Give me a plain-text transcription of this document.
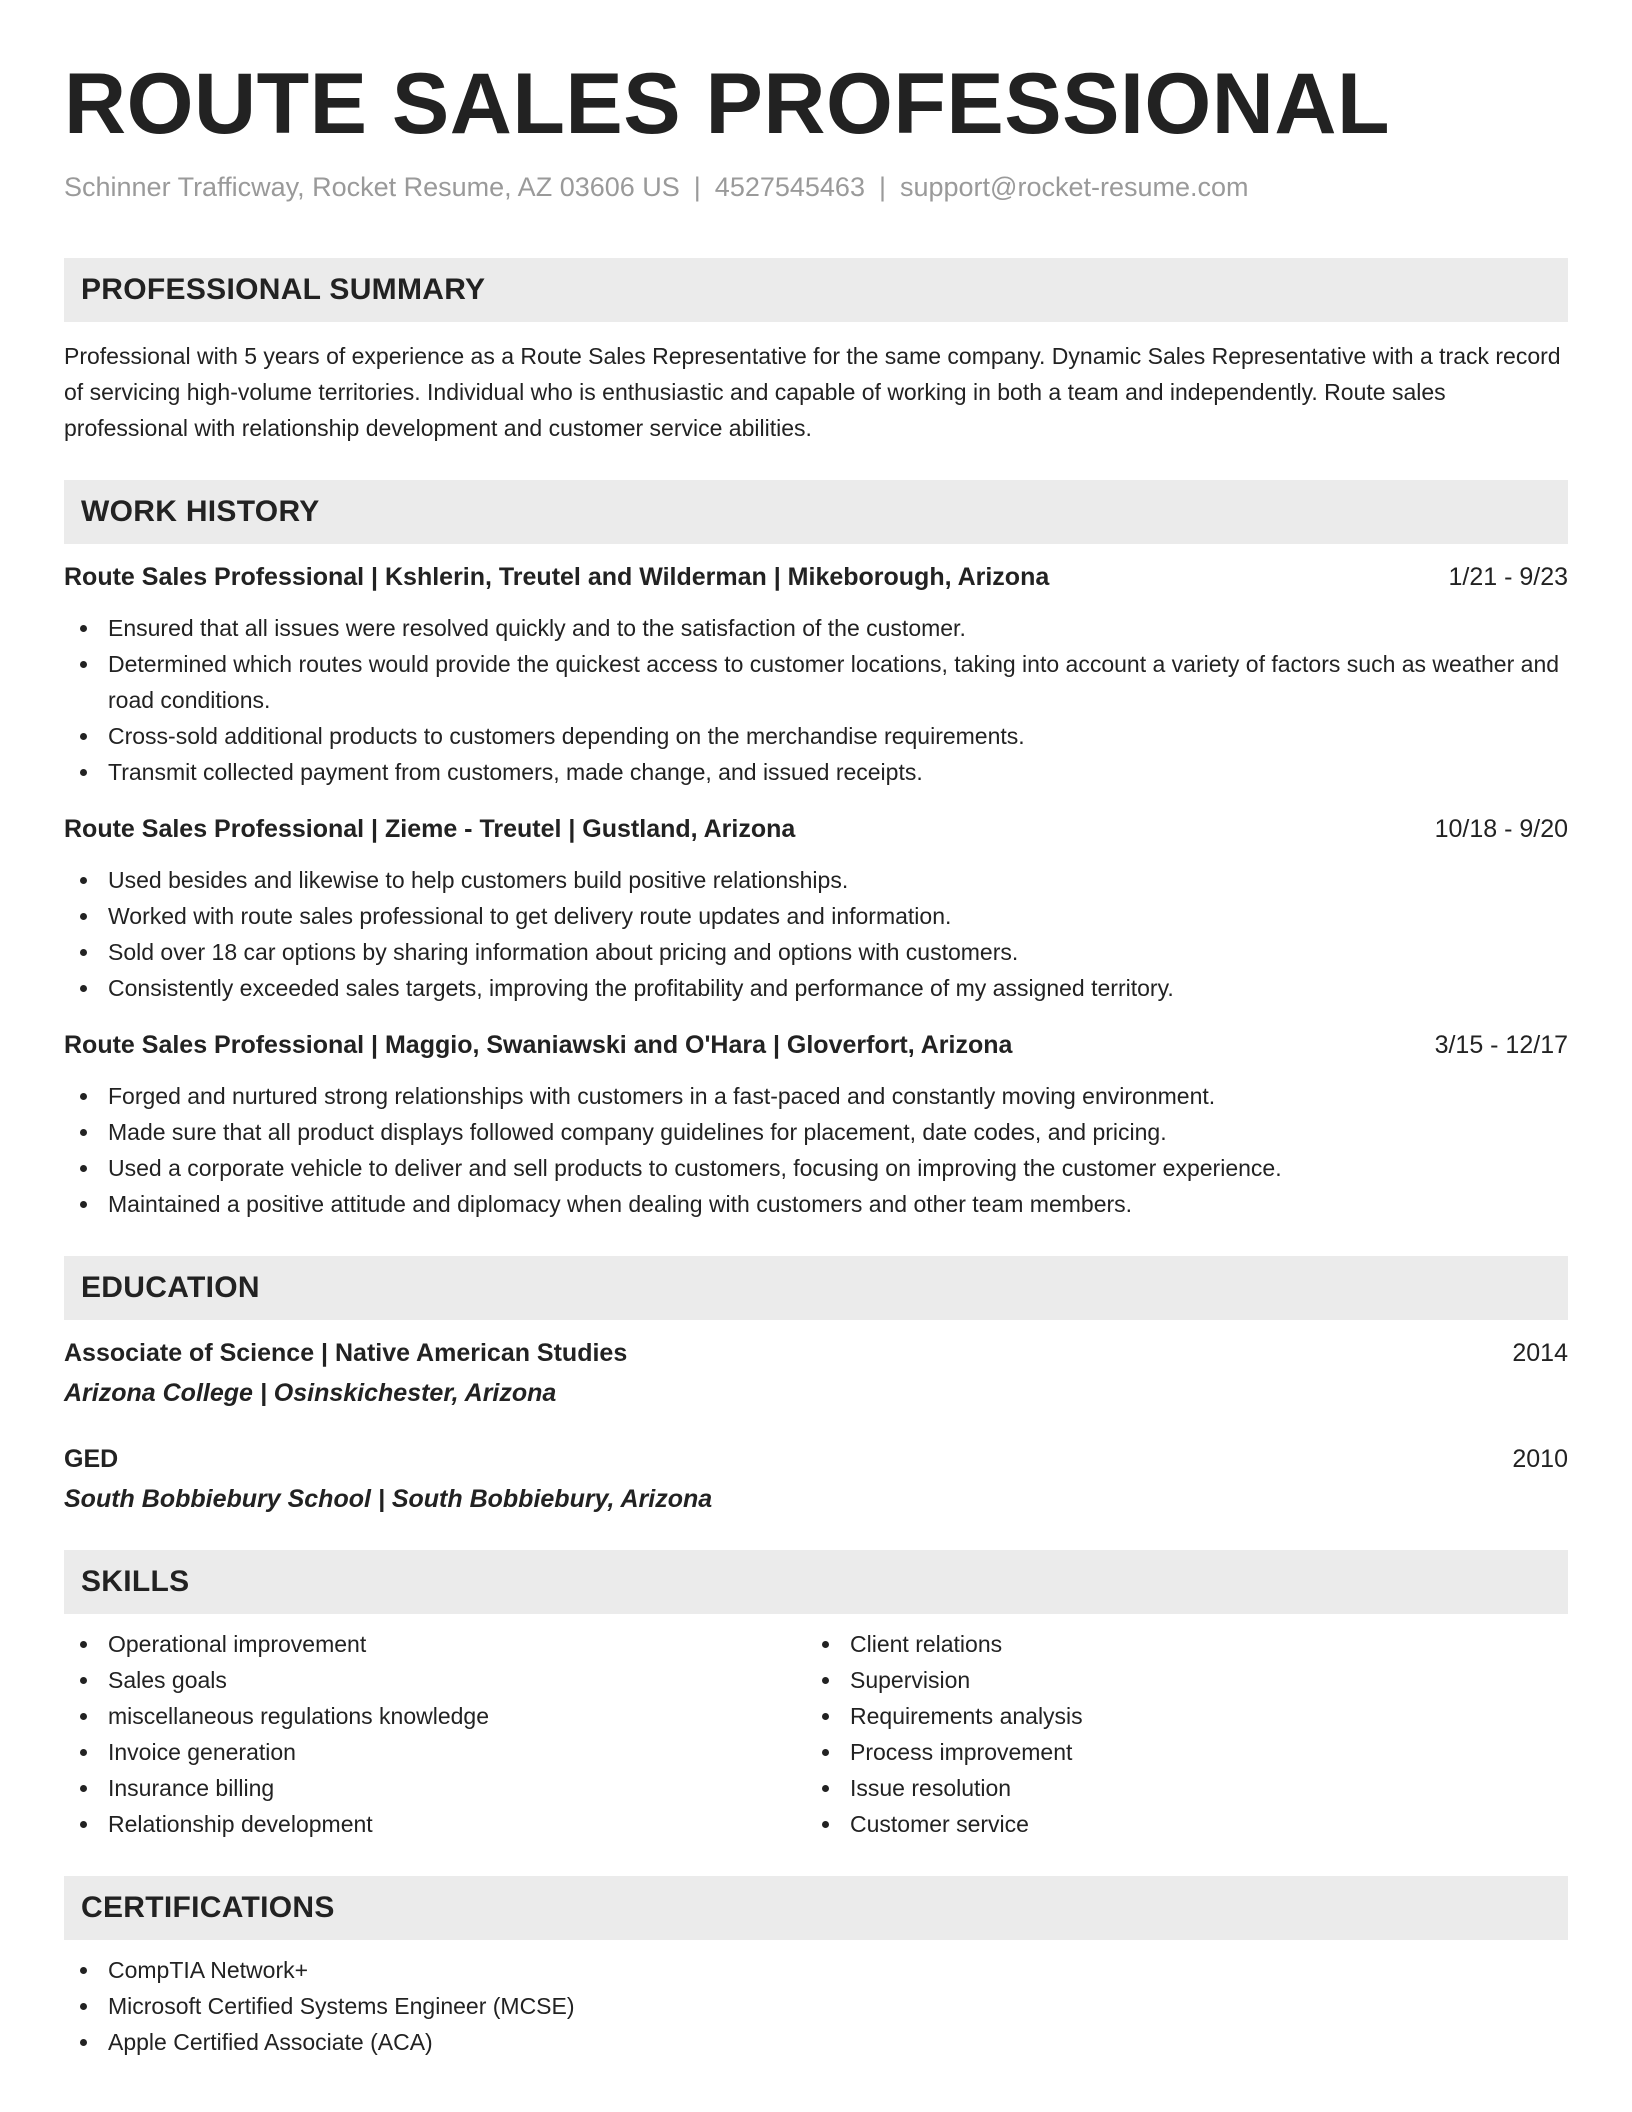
ROUTE SALES PROFESSIONAL
Schinner Trafficway, Rocket Resume, AZ 03606 US | 4527545463 | support@rocket-resume.com
PROFESSIONAL SUMMARY
Professional with 5 years of experience as a Route Sales Representative for the same company. Dynamic Sales Representative with a track record of servicing high-volume territories. Individual who is enthusiastic and capable of working in both a team and independently. Route sales professional with relationship development and customer service abilities.
WORK HISTORY
Route Sales Professional | Kshlerin, Treutel and Wilderman | Mikeborough, Arizona	1/21 - 9/23
Ensured that all issues were resolved quickly and to the satisfaction of the customer.
Determined which routes would provide the quickest access to customer locations, taking into account a variety of factors such as weather and road conditions.
Cross-sold additional products to customers depending on the merchandise requirements.
Transmit collected payment from customers, made change, and issued receipts.
Route Sales Professional | Zieme - Treutel | Gustland, Arizona	10/18 - 9/20
Used besides and likewise to help customers build positive relationships.
Worked with route sales professional to get delivery route updates and information.
Sold over 18 car options by sharing information about pricing and options with customers.
Consistently exceeded sales targets, improving the profitability and performance of my assigned territory.
Route Sales Professional | Maggio, Swaniawski and O'Hara | Gloverfort, Arizona	3/15 - 12/17
Forged and nurtured strong relationships with customers in a fast-paced and constantly moving environment.
Made sure that all product displays followed company guidelines for placement, date codes, and pricing.
Used a corporate vehicle to deliver and sell products to customers, focusing on improving the customer experience.
Maintained a positive attitude and diplomacy when dealing with customers and other team members.
EDUCATION
Associate of Science | Native American Studies	2014
Arizona College | Osinskichester, Arizona
GED	2010
South Bobbiebury School | South Bobbiebury, Arizona
SKILLS
Operational improvement
Sales goals
miscellaneous regulations knowledge
Invoice generation
Insurance billing
Relationship development
Client relations
Supervision
Requirements analysis
Process improvement
Issue resolution
Customer service
CERTIFICATIONS
CompTIA Network+
Microsoft Certified Systems Engineer (MCSE)
Apple Certified Associate (ACA)
